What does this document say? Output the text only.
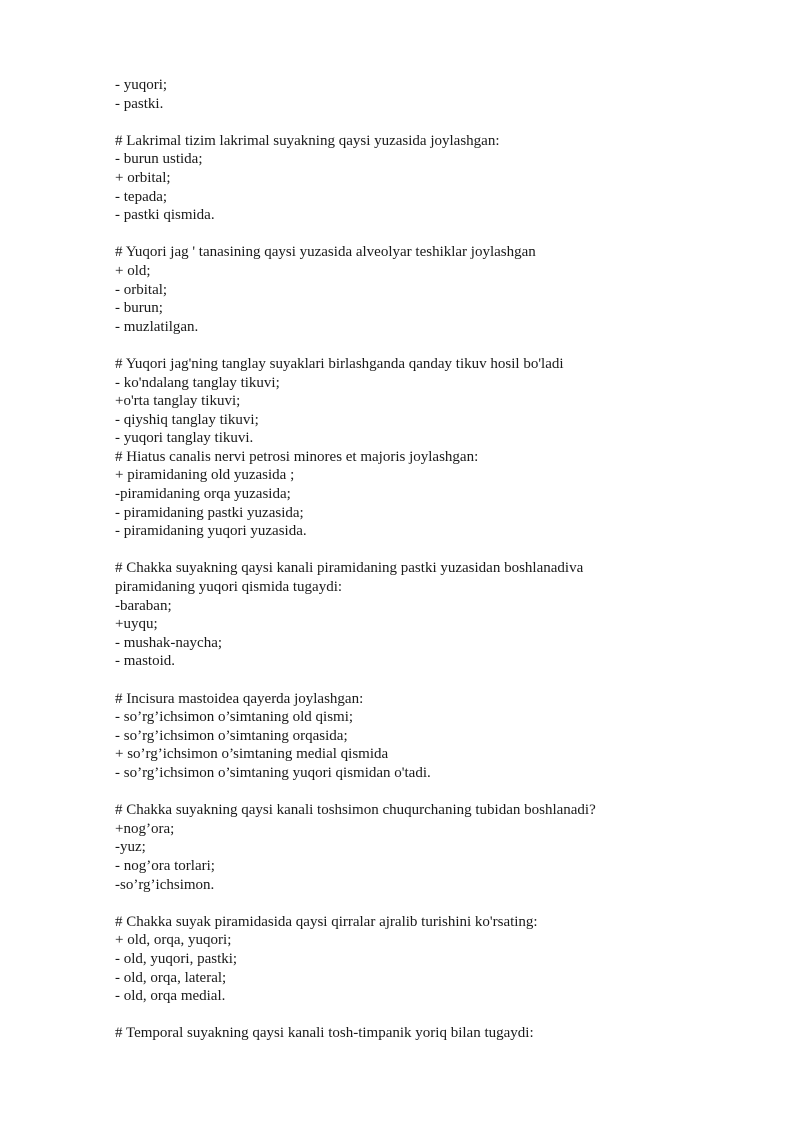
- yuqori;
- pastki.
# Lakrimal tizim lakrimal suyakning qaysi yuzasida joylashgan:
- burun ustida;
+ orbital;
- tepada;
- pastki qismida.
# Yuqori jag ' tanasining qaysi yuzasida alveolyar teshiklar joylashgan
+ old;
- orbital;
- burun;
- muzlatilgan.
# Yuqori jag'ning tanglay suyaklari birlashganda qanday tikuv hosil bo'ladi
- ko'ndalang tanglay tikuvi;
+o'rta tanglay tikuvi;
- qiyshiq tanglay tikuvi;
- yuqori tanglay tikuvi.
# Hiatus canalis nervi petrosi minores et majoris joylashgan:
+ piramidaning old yuzasida ;
-piramidaning orqa yuzasida;
- piramidaning pastki yuzasida;
- piramidaning yuqori yuzasida.
# Chakka suyakning qaysi kanali piramidaning pastki yuzasidan boshlanadiva
piramidaning yuqori qismida tugaydi:
-baraban;
+uyqu;
- mushak-naycha;
- mastoid.
# Incisura mastoidea qayerda joylashgan:
- so’rg’ichsimon o’simtaning old qismi;
- so’rg’ichsimon o’simtaning orqasida;
+ so’rg’ichsimon o’simtaning medial qismida
- so’rg’ichsimon o’simtaning yuqori qismidan o'tadi.
# Chakka suyakning qaysi kanali toshsimon chuqurchaning tubidan boshlanadi?
+nog’ora;
-yuz;
- nog’ora torlari;
-so’rg’ichsimon.
# Chakka suyak piramidasida qaysi qirralar ajralib turishini ko'rsating:
+ old, orqa, yuqori;
- old, yuqori, pastki;
- old, orqa, lateral;
- old, orqa medial.
# Temporal suyakning qaysi kanali tosh-timpanik yoriq bilan tugaydi:
